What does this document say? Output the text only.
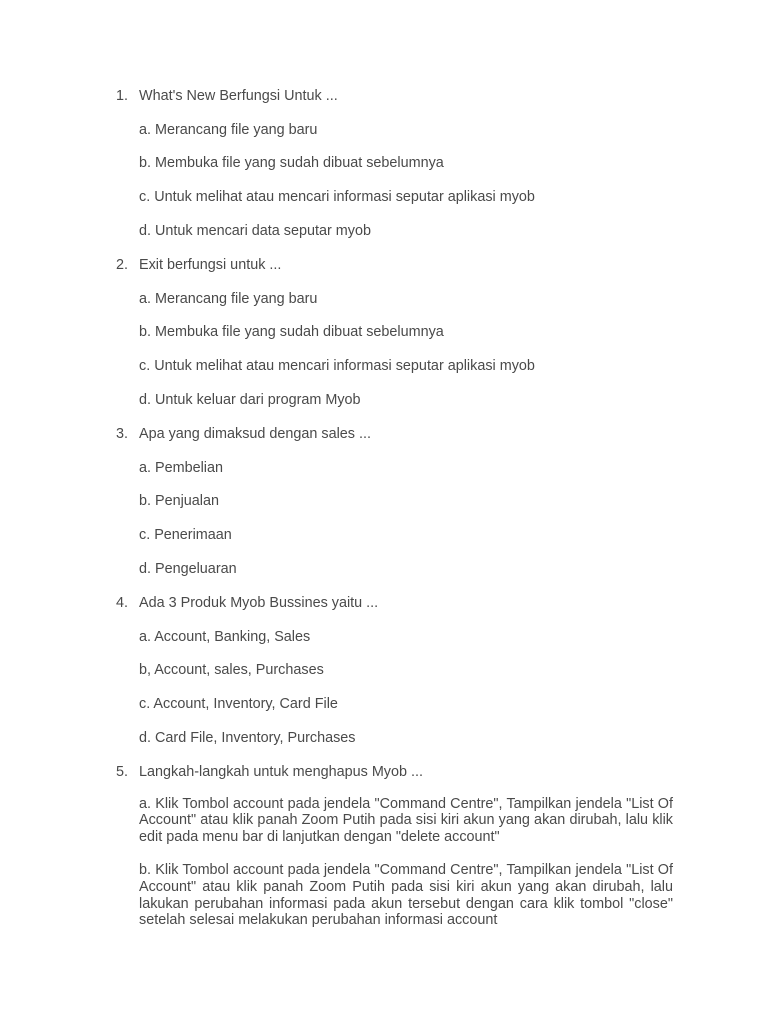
1. What's New Berfungsi Untuk ...
a. Merancang file yang baru
b. Membuka file yang sudah dibuat sebelumnya
c. Untuk melihat atau mencari informasi seputar aplikasi myob
d. Untuk mencari data seputar myob
2. Exit berfungsi untuk ...
a. Merancang file yang baru
b. Membuka file yang sudah dibuat sebelumnya
c. Untuk melihat atau mencari informasi seputar aplikasi myob
d. Untuk keluar dari program Myob
3. Apa yang dimaksud dengan sales ...
a. Pembelian
b. Penjualan
c. Penerimaan
d. Pengeluaran
4. Ada 3 Produk Myob Bussines yaitu ...
a. Account, Banking, Sales
b, Account, sales, Purchases
c. Account, Inventory, Card File
d. Card File, Inventory, Purchases
5. Langkah-langkah untuk menghapus Myob ...
a. Klik Tombol account pada jendela "Command Centre", Tampilkan jendela "List Of Account" atau klik panah Zoom Putih pada sisi kiri akun yang akan dirubah, lalu klik edit pada menu bar di lanjutkan dengan "delete account"
b. Klik Tombol account pada jendela "Command Centre", Tampilkan jendela "List Of Account" atau klik panah Zoom Putih pada sisi kiri akun yang akan dirubah, lalu lakukan perubahan informasi pada akun tersebut dengan cara klik tombol "close" setelah selesai melakukan perubahan informasi account
